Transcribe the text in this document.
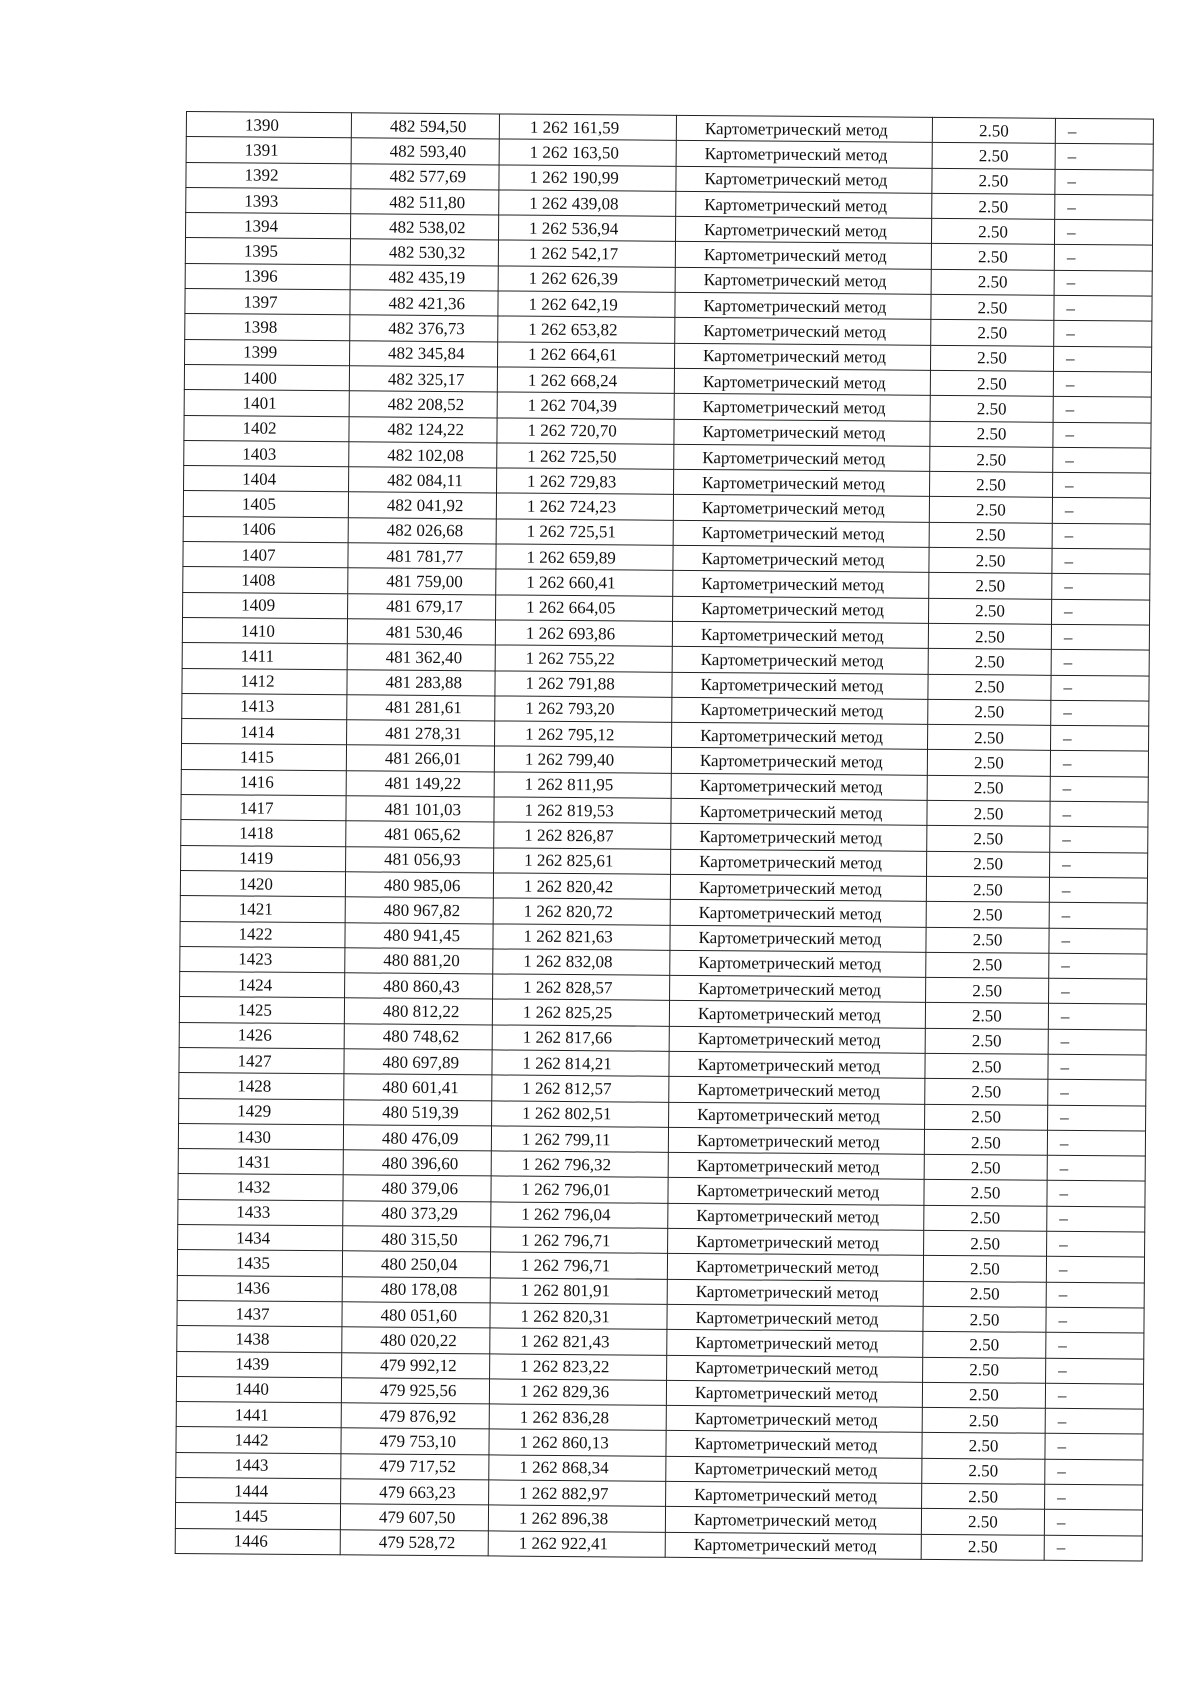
1390	482 594,50	1 262 161,59	Картометрический метод	2.50	–
1391	482 593,40	1 262 163,50	Картометрический метод	2.50	–
1392	482 577,69	1 262 190,99	Картометрический метод	2.50	–
1393	482 511,80	1 262 439,08	Картометрический метод	2.50	–
1394	482 538,02	1 262 536,94	Картометрический метод	2.50	–
1395	482 530,32	1 262 542,17	Картометрический метод	2.50	–
1396	482 435,19	1 262 626,39	Картометрический метод	2.50	–
1397	482 421,36	1 262 642,19	Картометрический метод	2.50	–
1398	482 376,73	1 262 653,82	Картометрический метод	2.50	–
1399	482 345,84	1 262 664,61	Картометрический метод	2.50	–
1400	482 325,17	1 262 668,24	Картометрический метод	2.50	–
1401	482 208,52	1 262 704,39	Картометрический метод	2.50	–
1402	482 124,22	1 262 720,70	Картометрический метод	2.50	–
1403	482 102,08	1 262 725,50	Картометрический метод	2.50	–
1404	482 084,11	1 262 729,83	Картометрический метод	2.50	–
1405	482 041,92	1 262 724,23	Картометрический метод	2.50	–
1406	482 026,68	1 262 725,51	Картометрический метод	2.50	–
1407	481 781,77	1 262 659,89	Картометрический метод	2.50	–
1408	481 759,00	1 262 660,41	Картометрический метод	2.50	–
1409	481 679,17	1 262 664,05	Картометрический метод	2.50	–
1410	481 530,46	1 262 693,86	Картометрический метод	2.50	–
1411	481 362,40	1 262 755,22	Картометрический метод	2.50	–
1412	481 283,88	1 262 791,88	Картометрический метод	2.50	–
1413	481 281,61	1 262 793,20	Картометрический метод	2.50	–
1414	481 278,31	1 262 795,12	Картометрический метод	2.50	–
1415	481 266,01	1 262 799,40	Картометрический метод	2.50	–
1416	481 149,22	1 262 811,95	Картометрический метод	2.50	–
1417	481 101,03	1 262 819,53	Картометрический метод	2.50	–
1418	481 065,62	1 262 826,87	Картометрический метод	2.50	–
1419	481 056,93	1 262 825,61	Картометрический метод	2.50	–
1420	480 985,06	1 262 820,42	Картометрический метод	2.50	–
1421	480 967,82	1 262 820,72	Картометрический метод	2.50	–
1422	480 941,45	1 262 821,63	Картометрический метод	2.50	–
1423	480 881,20	1 262 832,08	Картометрический метод	2.50	–
1424	480 860,43	1 262 828,57	Картометрический метод	2.50	–
1425	480 812,22	1 262 825,25	Картометрический метод	2.50	–
1426	480 748,62	1 262 817,66	Картометрический метод	2.50	–
1427	480 697,89	1 262 814,21	Картометрический метод	2.50	–
1428	480 601,41	1 262 812,57	Картометрический метод	2.50	–
1429	480 519,39	1 262 802,51	Картометрический метод	2.50	–
1430	480 476,09	1 262 799,11	Картометрический метод	2.50	–
1431	480 396,60	1 262 796,32	Картометрический метод	2.50	–
1432	480 379,06	1 262 796,01	Картометрический метод	2.50	–
1433	480 373,29	1 262 796,04	Картометрический метод	2.50	–
1434	480 315,50	1 262 796,71	Картометрический метод	2.50	–
1435	480 250,04	1 262 796,71	Картометрический метод	2.50	–
1436	480 178,08	1 262 801,91	Картометрический метод	2.50	–
1437	480 051,60	1 262 820,31	Картометрический метод	2.50	–
1438	480 020,22	1 262 821,43	Картометрический метод	2.50	–
1439	479 992,12	1 262 823,22	Картометрический метод	2.50	–
1440	479 925,56	1 262 829,36	Картометрический метод	2.50	–
1441	479 876,92	1 262 836,28	Картометрический метод	2.50	–
1442	479 753,10	1 262 860,13	Картометрический метод	2.50	–
1443	479 717,52	1 262 868,34	Картометрический метод	2.50	–
1444	479 663,23	1 262 882,97	Картометрический метод	2.50	–
1445	479 607,50	1 262 896,38	Картометрический метод	2.50	–
1446	479 528,72	1 262 922,41	Картометрический метод	2.50	–
